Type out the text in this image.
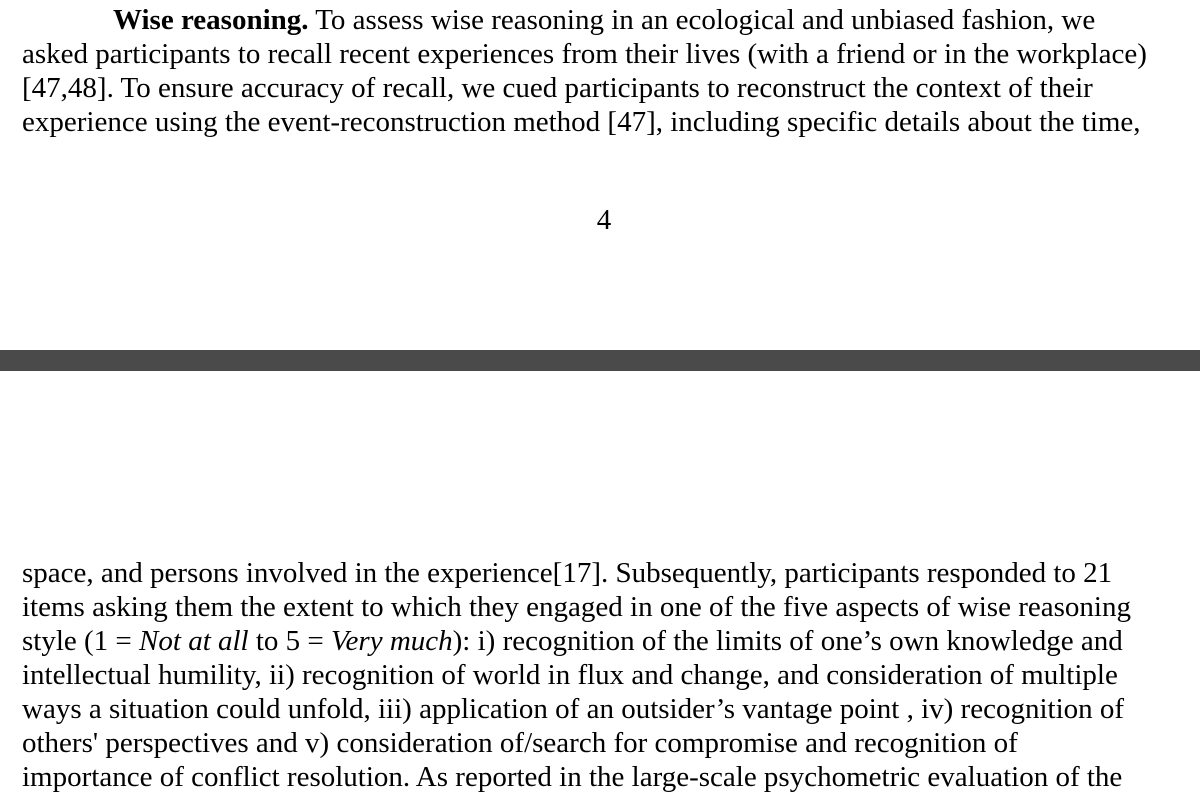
Wise reasoning. To assess wise reasoning in an ecological and unbiased fashion, we

asked participants to recall recent experiences from their lives (with a friend or in the workplace)

[47,48]. To ensure accuracy of recall, we cued participants to reconstruct the context of their

experience using the event-reconstruction method [47], including specific details about the time,

4

space, and persons involved in the experience[17]. Subsequently, participants responded to 21

items asking them the extent to which they engaged in one of the five aspects of wise reasoning

style (1 = Not at all to 5 = Very much): i) recognition of the limits of one’s own knowledge and

intellectual humility, ii) recognition of world in flux and change, and consideration of multiple

ways a situation could unfold, iii) application of an outsider’s vantage point , iv) recognition of

others' perspectives and v) consideration of/search for compromise and recognition of

importance of conflict resolution. As reported in the large-scale psychometric evaluation of the
